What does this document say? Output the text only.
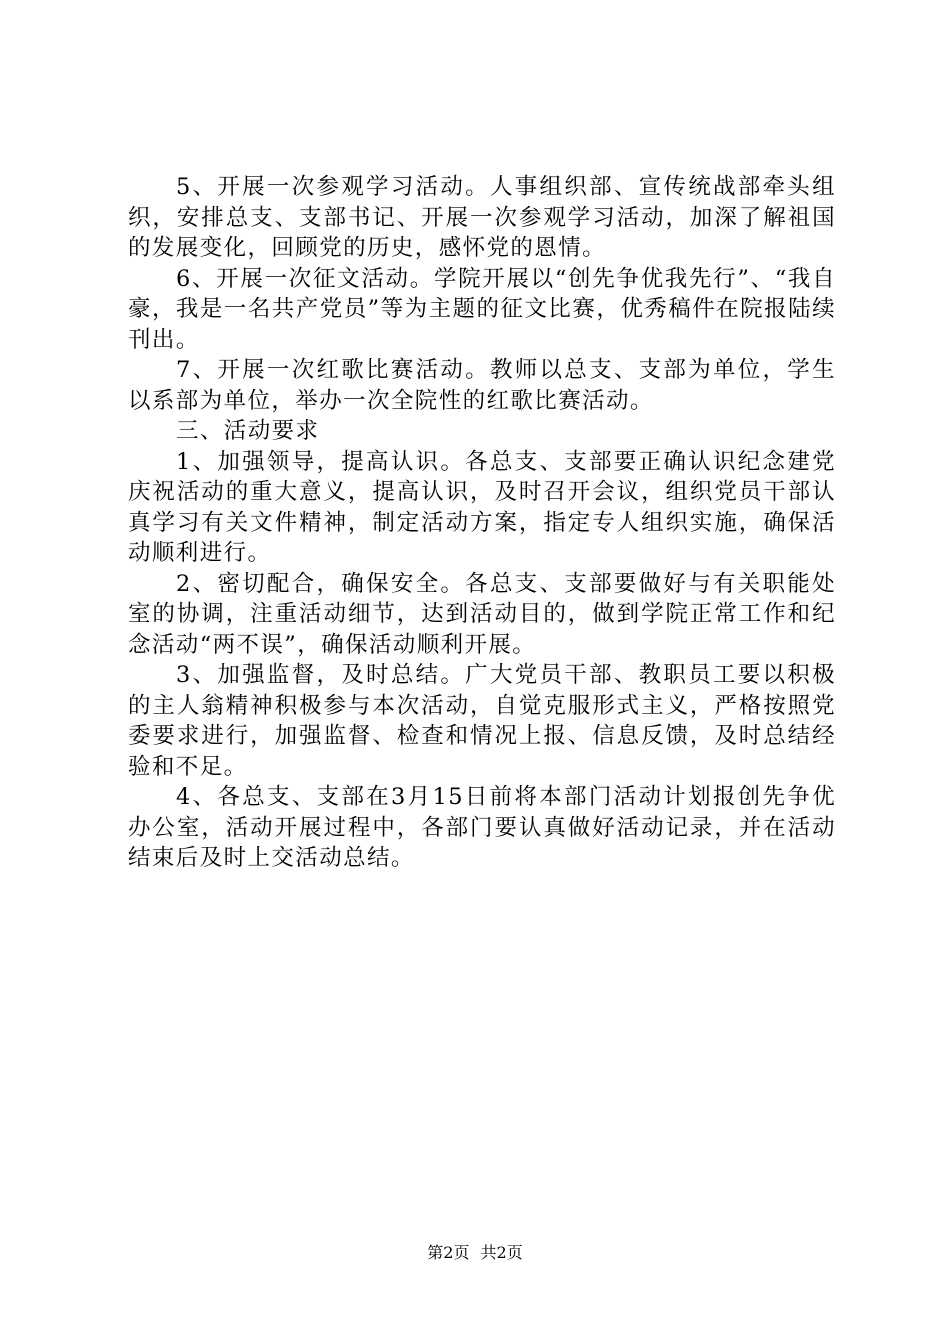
5、开展一次参观学习活动。人事组织部、宣传统战部牵头组织，安排总支、支部书记、开展一次参观学习活动，加深了解祖国的发展变化，回顾党的历史，感怀党的恩情。

6、开展一次征文活动。学院开展以“创先争优我先行”、“我自豪，我是一名共产党员”等为主题的征文比赛，优秀稿件在院报陆续刊出。

7、开展一次红歌比赛活动。教师以总支、支部为单位，学生以系部为单位，举办一次全院性的红歌比赛活动。

三、活动要求

1、加强领导，提高认识。各总支、支部要正确认识纪念建党庆祝活动的重大意义，提高认识，及时召开会议，组织党员干部认真学习有关文件精神，制定活动方案，指定专人组织实施，确保活动顺利进行。

2、密切配合，确保安全。各总支、支部要做好与有关职能处室的协调，注重活动细节，达到活动目的，做到学院正常工作和纪念活动“两不误”，确保活动顺利开展。

3、加强监督，及时总结。广大党员干部、教职员工要以积极的主人翁精神积极参与本次活动，自觉克服形式主义，严格按照党委要求进行，加强监督、检查和情况上报、信息反馈，及时总结经验和不足。

4、各总支、支部在3月15日前将本部门活动计划报创先争优办公室，活动开展过程中，各部门要认真做好活动记录，并在活动结束后及时上交活动总结。

第2页 共2页
